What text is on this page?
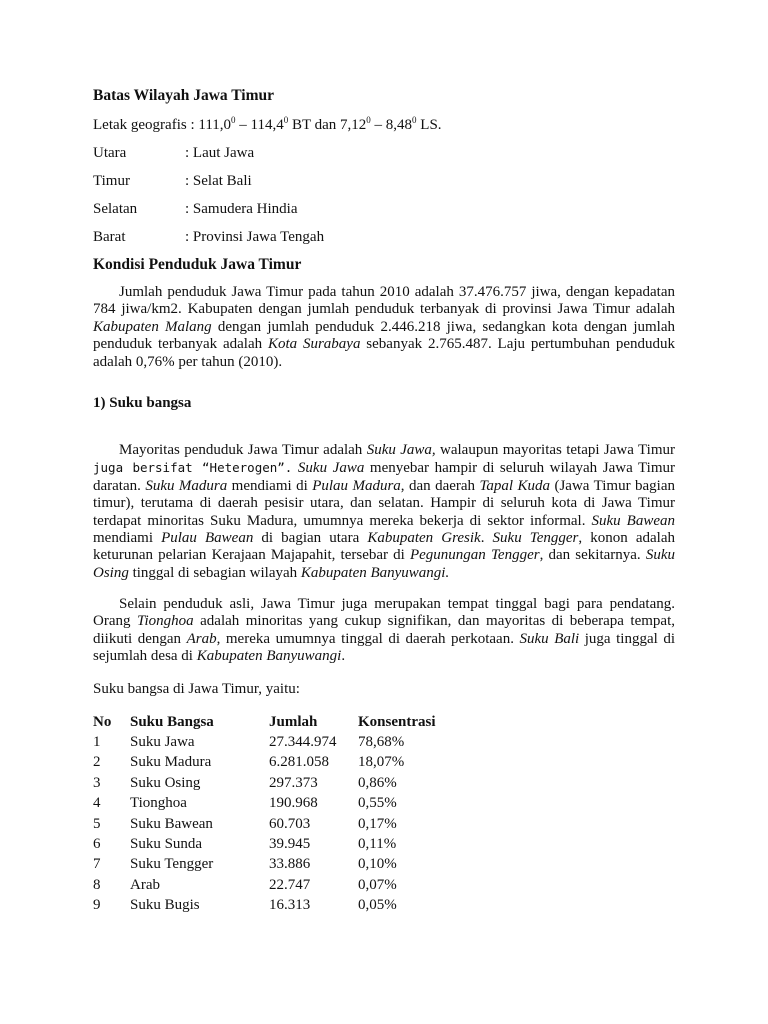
Batas Wilayah Jawa Timur
Letak geografis : 111,0$^0$ – 114,4$^0$ BT dan 7,12$^0$ – 8,48$^0$ LS.
Utara	: Laut Jawa
Timur	: Selat Bali
Selatan	: Samudera Hindia
Barat	: Provinsi Jawa Tengah
Kondisi Penduduk Jawa Timur

Jumlah penduduk Jawa Timur pada tahun 2010 adalah 37.476.757 jiwa, dengan kepadatan 784 jiwa/km2. Kabupaten dengan jumlah penduduk terbanyak di provinsi Jawa Timur adalah Kabupaten Malang dengan jumlah penduduk 2.446.218 jiwa, sedangkan kota dengan jumlah penduduk terbanyak adalah Kota Surabaya sebanyak 2.765.487. Laju pertumbuhan penduduk adalah 0,76% per tahun (2010).

1) Suku bangsa

Mayoritas penduduk Jawa Timur adalah Suku Jawa, walaupun mayoritas tetapi Jawa Timur juga bersifat “Heterogen”. Suku Jawa menyebar hampir di seluruh wilayah Jawa Timur daratan. Suku Madura mendiami di Pulau Madura, dan daerah Tapal Kuda (Jawa Timur bagian timur), terutama di daerah pesisir utara, dan selatan. Hampir di seluruh kota di Jawa Timur terdapat minoritas Suku Madura, umumnya mereka bekerja di sektor informal. Suku Bawean mendiami Pulau Bawean di bagian utara Kabupaten Gresik. Suku Tengger, konon adalah keturunan pelarian Kerajaan Majapahit, tersebar di Pegunungan Tengger, dan sekitarnya. Suku Osing tinggal di sebagian wilayah Kabupaten Banyuwangi.

Selain penduduk asli, Jawa Timur juga merupakan tempat tinggal bagi para pendatang. Orang Tionghoa adalah minoritas yang cukup signifikan, dan mayoritas di beberapa tempat, diikuti dengan Arab, mereka umumnya tinggal di daerah perkotaan. Suku Bali juga tinggal di sejumlah desa di Kabupaten Banyuwangi.

Suku bangsa di Jawa Timur, yaitu:
No	Suku Bangsa	Jumlah	Konsentrasi
1	Suku Jawa	27.344.974	78,68%
2	Suku Madura	6.281.058	18,07%
3	Suku Osing	297.373	0,86%
4	Tionghoa	190.968	0,55%
5	Suku Bawean	60.703	0,17%
6	Suku Sunda	39.945	0,11%
7	Suku Tengger	33.886	0,10%
8	Arab	22.747	0,07%
9	Suku Bugis	16.313	0,05%
